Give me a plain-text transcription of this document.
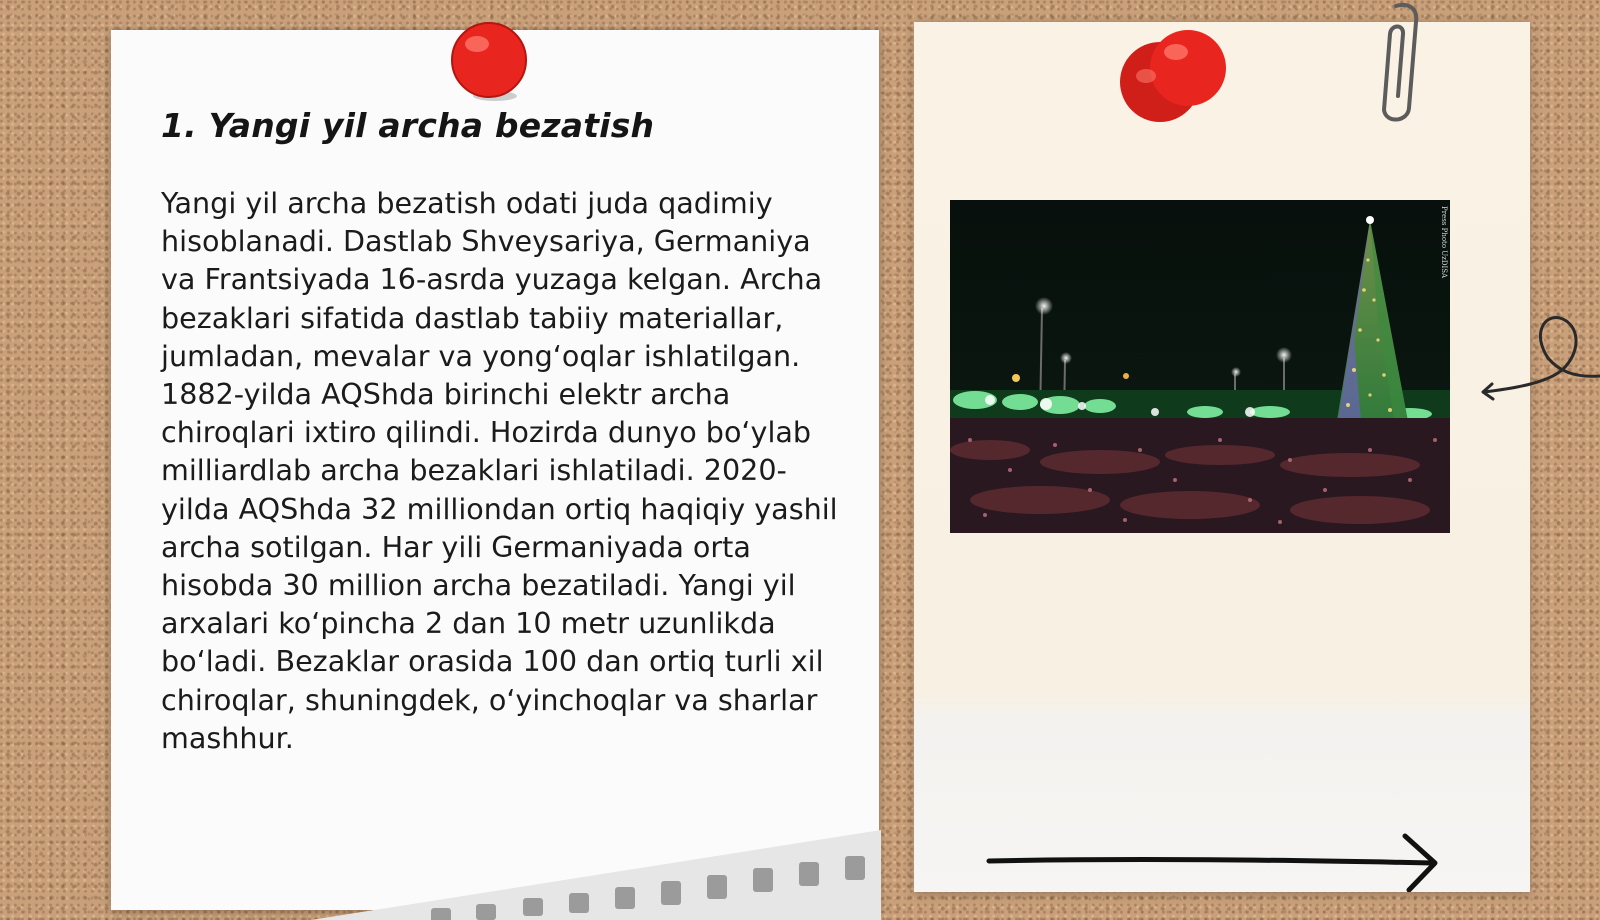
1. Yangi yil archa bezatish

Yangi yil archa bezatish odati juda qadimiy hisoblanadi. Dastlab Shveysariya, Germaniya va Frantsiyada 16-asrda yuzaga kelgan. Archa bezaklari sifatida dastlab tabiiy materiallar, jumladan, mevalar va yong‘oqlar ishlatilgan. 1882-yilda AQShda birinchi elektr archa chiroqlari ixtiro qilindi. Hozirda dunyo bo‘ylab milliardlab archa bezaklari ishlatiladi. 2020-yilda AQShda 32 milliondan ortiq haqiqiy yashil archa sotilgan. Har yili Germaniyada orta hisobda 30 million archa bezatiladi. Yangi yil arxalari ko‘pincha 2 dan 10 metr uzunlikda bo‘ladi. Bezaklar orasida 100 dan ortiq turli xil chiroqlar, shuningdek, o‘yinchoqlar va sharlar mashhur.

Press Photo UzDISA
